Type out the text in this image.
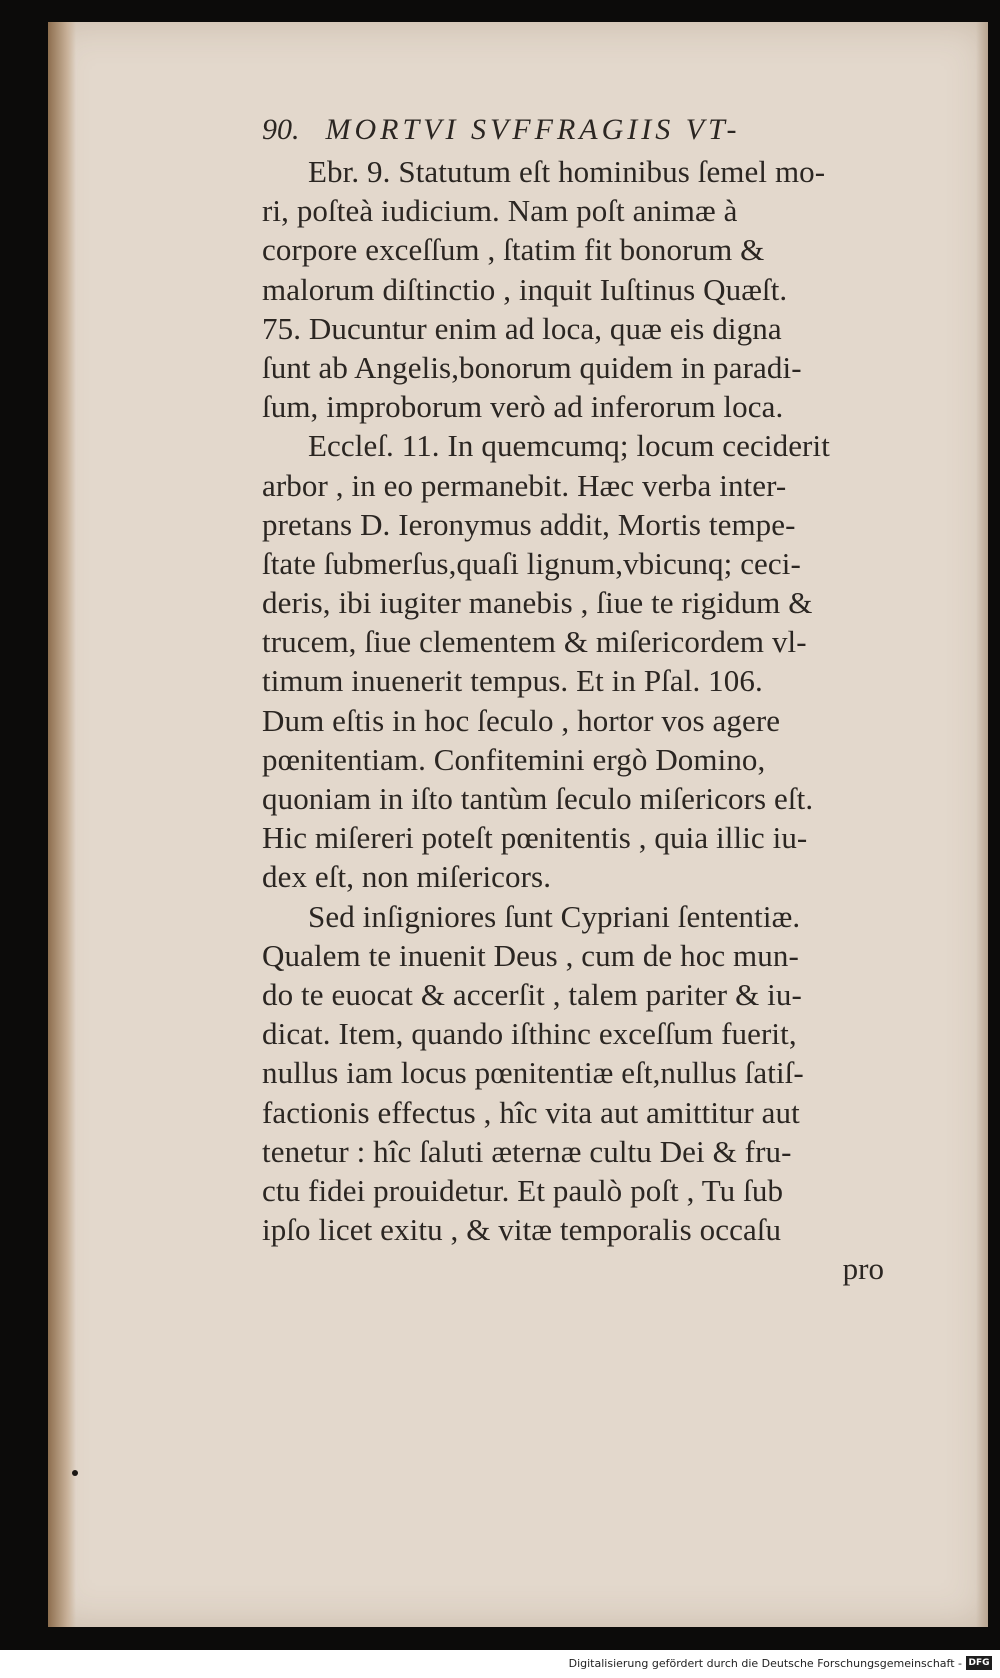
90. MORTVI SVFFRAGIIS VT-
Ebr. 9. Statutum eſt hominibus ſemel mo-
ri, poſteà iudicium. Nam poſt animæ à
corpore exceſſum , ſtatim fit bonorum &
malorum diſtinctio , inquit Iuſtinus Quæſt.
75. Ducuntur enim ad loca, quæ eis digna
ſunt ab Angelis,bonorum quidem in paradi-
ſum, improborum verò ad inferorum loca.
Eccleſ. 11. In quemcumq; locum ceciderit
arbor , in eo permanebit. Hæc verba inter-
pretans D. Ieronymus addit, Mortis tempe-
ſtate ſubmerſus,quaſi lignum,vbicunq; ceci-
deris, ibi iugiter manebis , ſiue te rigidum &
trucem, ſiue clementem & miſericordem vl-
timum inuenerit tempus. Et in Pſal. 106.
Dum eſtis in hoc ſeculo , hortor vos agere
pœnitentiam. Confitemini ergò Domino,
quoniam in iſto tantùm ſeculo miſericors eſt.
Hic miſereri poteſt pœnitentis , quia illic iu-
dex eſt, non miſericors.
Sed inſigniores ſunt Cypriani ſententiæ.
Qualem te inuenit Deus , cum de hoc mun-
do te euocat & accerſit , talem pariter & iu-
dicat. Item, quando iſthinc exceſſum fuerit,
nullus iam locus pœnitentiæ eſt,nullus ſatiſ-
factionis effectus , hîc vita aut amittitur aut
tenetur : hîc ſaluti æternæ cultu Dei & fru-
ctu fidei prouidetur. Et paulò poſt , Tu ſub
ipſo licet exitu , & vitæ temporalis occaſu
pro
Digitalisierung gefördert durch die Deutsche Forschungsgemeinschaft - DFG
